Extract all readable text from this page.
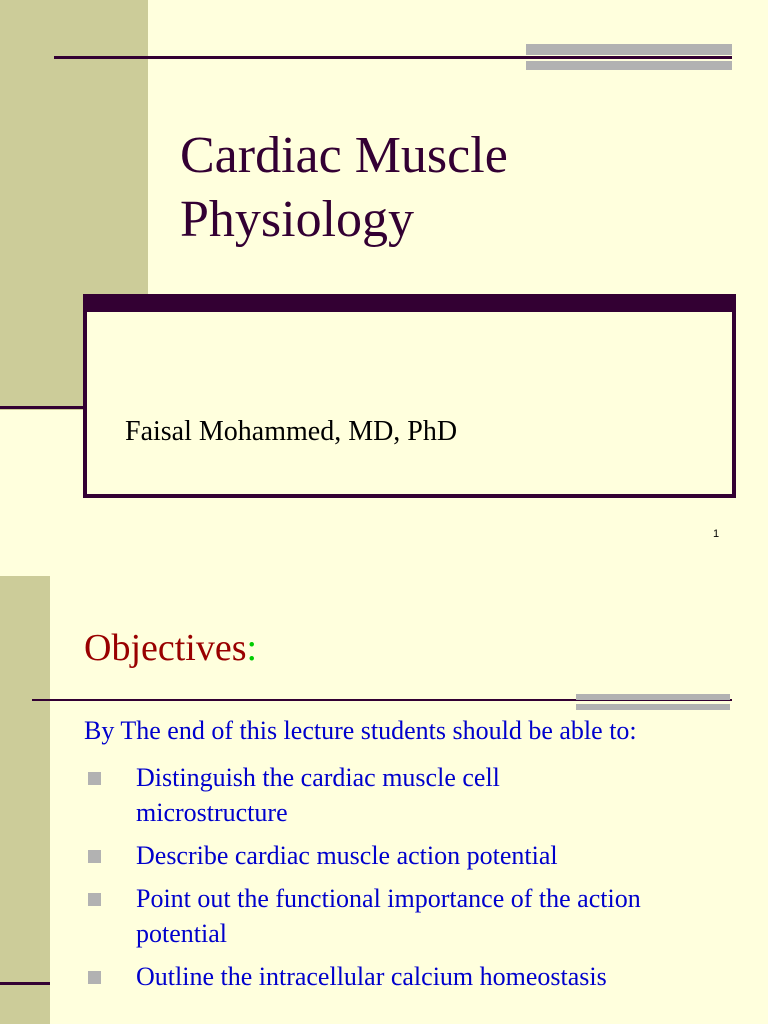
Cardiac Muscle
Physiology
Faisal Mohammed, MD, PhD
1
Objectives:
By The end of this lecture students should be able to:
Distinguish the cardiac muscle cell
microstructure
Describe cardiac muscle action potential
Point out the functional importance of the action
potential
Outline the intracellular calcium homeostasis
